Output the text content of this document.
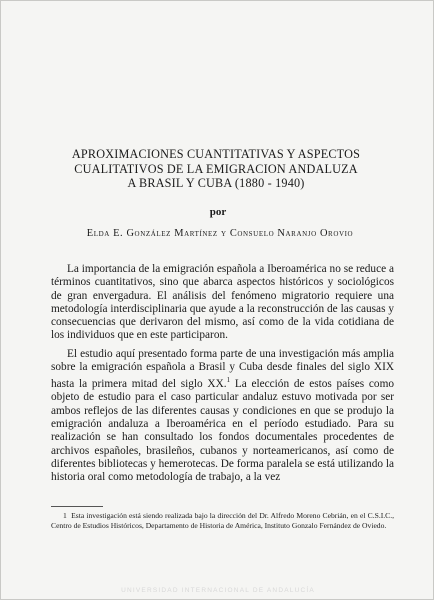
APROXIMACIONES CUANTITATIVAS Y ASPECTOS
CUALITATIVOS DE LA EMIGRACION ANDALUZA
A BRASIL Y CUBA (1880 - 1940)
por
Elda E. González Martínez y Consuelo Naranjo Orovio

La importancia de la emigración española a Iberoamérica no se reduce a términos cuantitativos, sino que abarca aspectos históricos y sociológicos de gran envergadura. El análisis del fenómeno migratorio requiere una metodología interdisciplinaria que ayude a la reconstrucción de las causas y consecuencias que derivaron del mismo, así como de la vida cotidiana de los individuos que en este participaron.

El estudio aquí presentado forma parte de una investigación más amplia sobre la emigración española a Brasil y Cuba desde finales del siglo XIX hasta la primera mitad del siglo XX.$^1$ La elección de estos países como objeto de estudio para el caso particular andaluz estuvo motivada por ser ambos reflejos de las diferentes causas y condiciones en que se produjo la emigración andaluza a Iberoamérica en el período estudiado. Para su realización se han consultado los fondos documentales procedentes de archivos españoles, brasileños, cubanos y norteamericanos, así como de diferentes bibliotecas y hemerotecas. De forma paralela se está utilizando la historia oral como metodología de trabajo, a la vez

1 Esta investigación está siendo realizada bajo la dirección del Dr. Alfredo Moreno Cebrián, en el C.S.I.C., Centro de Estudios Históricos, Departamento de Historia de América, Instituto Gonzalo Fernández de Oviedo.
UNIVERSIDAD INTERNACIONAL DE ANDALUCÍA
